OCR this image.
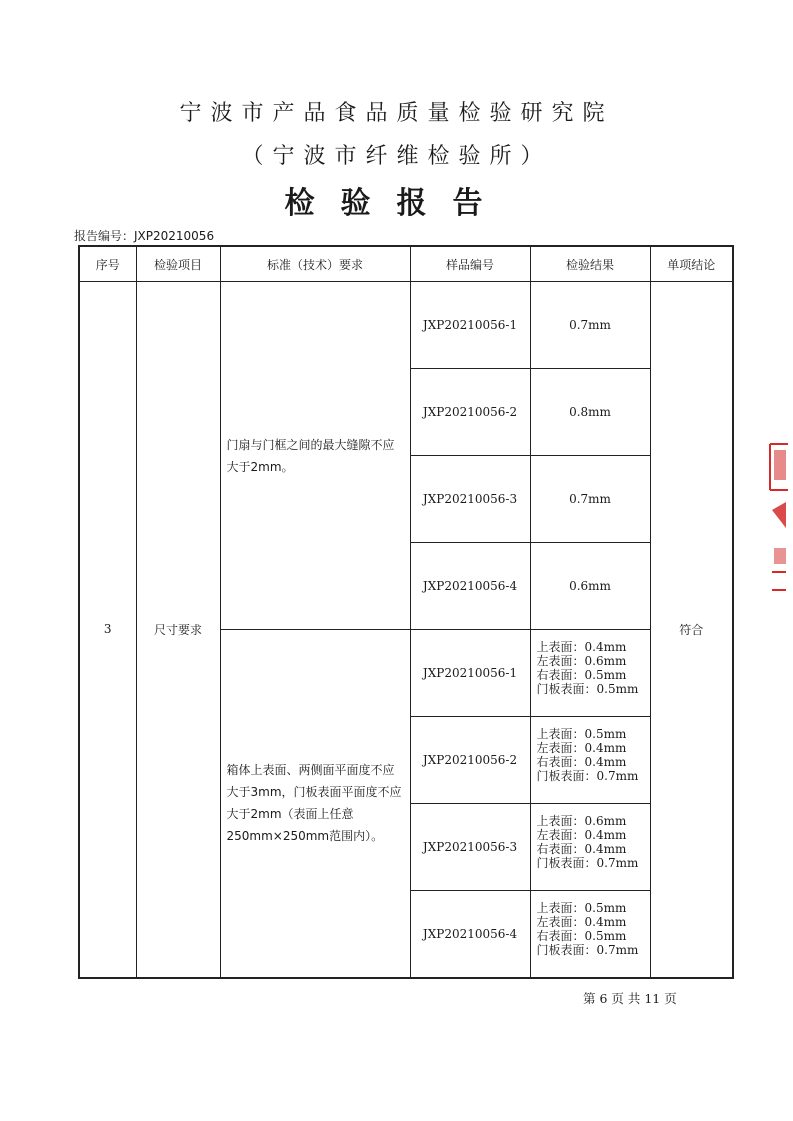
宁波市产品食品质量检验研究院
（宁波市纤维检验所）
检验报告
报告编号：JXP20210056
序号	检验项目	标准（技术）要求	样品编号	检验结果	单项结论
3	尺寸要求	门扇与门框之间的最大缝隙不应大于2mm。	JXP20210056-1	0.7mm	符合
			JXP20210056-2	0.8mm	
			JXP20210056-3	0.7mm	
			JXP20210056-4	0.6mm	
		箱体上表面、两侧面平面度不应大于3mm，门板表面平面度不应大于2mm（表面上任意250mm×250mm范围内）。	JXP20210056-1	上表面：0.4mm
左表面：0.6mm
右表面：0.5mm
门板表面：0.5mm	

			JXP20210056-2	上表面：0.5mm
左表面：0.4mm
右表面：0.4mm
门板表面：0.7mm	

			JXP20210056-3	上表面：0.6mm
左表面：0.4mm
右表面：0.4mm
门板表面：0.7mm	

			JXP20210056-4	上表面：0.5mm
左表面：0.4mm
右表面：0.5mm
门板表面：0.7mm	
第 6 页 共 11 页
